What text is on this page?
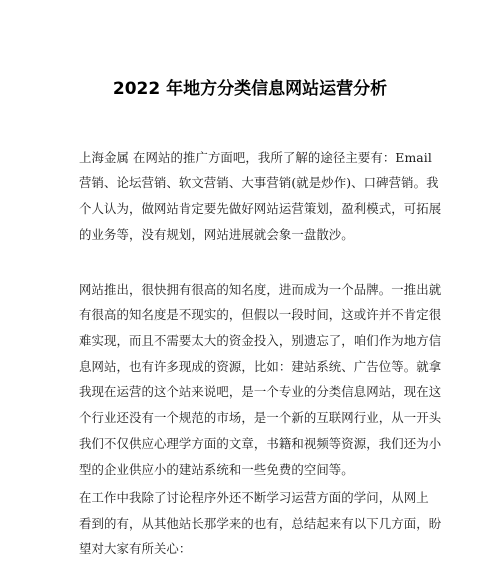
2022 年地方分类信息网站运营分析
上海金属 在网站的推广方面吧，我所了解的途径主要有：Email
营销、论坛营销、软文营销、大事营销(就是炒作)、口碑营销。我
个人认为，做网站肯定要先做好网站运营策划，盈利模式，可拓展
的业务等，没有规划，网站进展就会象一盘散沙。
网站推出，很快拥有很高的知名度，进而成为一个品牌。一推出就
有很高的知名度是不现实的，但假以一段时间，这或许并不肯定很
难实现，而且不需要太大的资金投入，别遗忘了，咱们作为地方信
息网站，也有许多现成的资源，比如：建站系统、广告位等。就拿
我现在运营的这个站来说吧，是一个专业的分类信息网站，现在这
个行业还没有一个规范的市场，是一个新的互联网行业，从一开头
我们不仅供应心理学方面的文章，书籍和视频等资源，我们还为小
型的企业供应小的建站系统和一些免费的空间等。
在工作中我除了讨论程序外还不断学习运营方面的学问，从网上
看到的有，从其他站长那学来的也有，总结起来有以下几方面，盼
望对大家有所关心：
